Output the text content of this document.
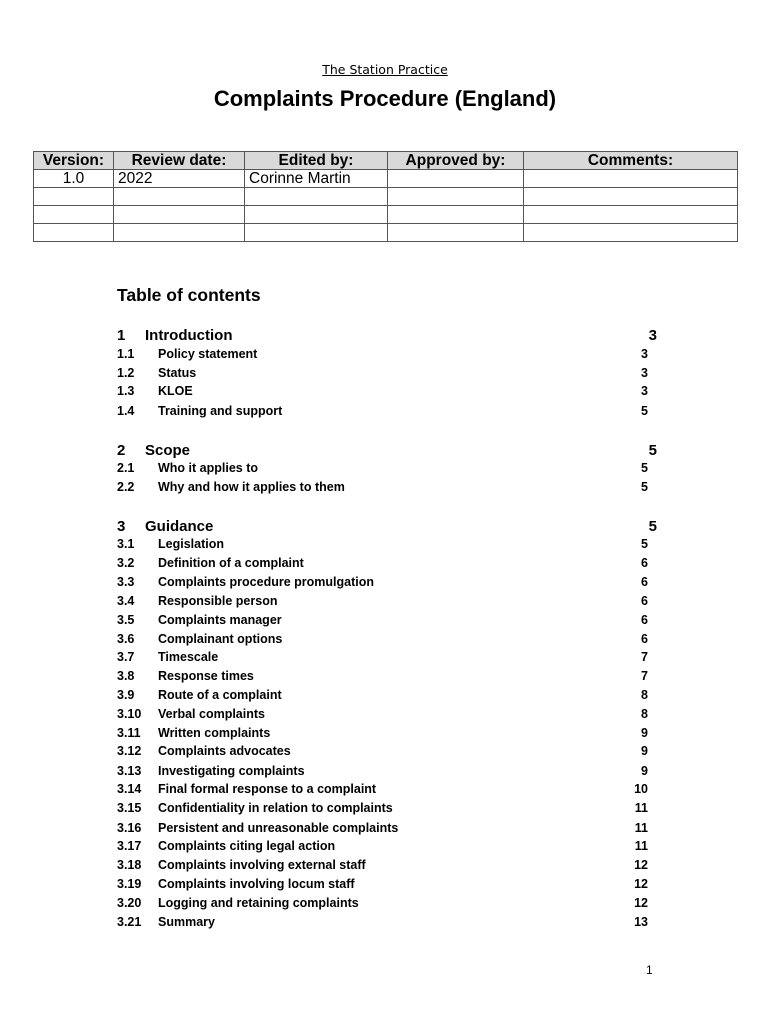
The Station Practice
Complaints Procedure (England)
Version:	Review date:	Edited by:	Approved by:	Comments:
1.0	2022	Corinne Martin		

Table of contents
1 Introduction	3
1.1 Policy statement	3
1.2 Status	3
1.3 KLOE	3
1.4 Training and support	5
2 Scope	5
2.1 Who it applies to	5
2.2 Why and how it applies to them	5
3 Guidance	5
3.1 Legislation	5
3.2 Definition of a complaint	6
3.3 Complaints procedure promulgation	6
3.4 Responsible person	6
3.5 Complaints manager	6
3.6 Complainant options	6
3.7 Timescale	7
3.8 Response times	7
3.9 Route of a complaint	8
3.10 Verbal complaints	8
3.11 Written complaints	9
3.12 Complaints advocates	9
3.13 Investigating complaints	9
3.14 Final formal response to a complaint	10
3.15 Confidentiality in relation to complaints	11
3.16 Persistent and unreasonable complaints	11
3.17 Complaints citing legal action	11
3.18 Complaints involving external staff	12
3.19 Complaints involving locum staff	12
3.20 Logging and retaining complaints	12
3.21 Summary	13
1
